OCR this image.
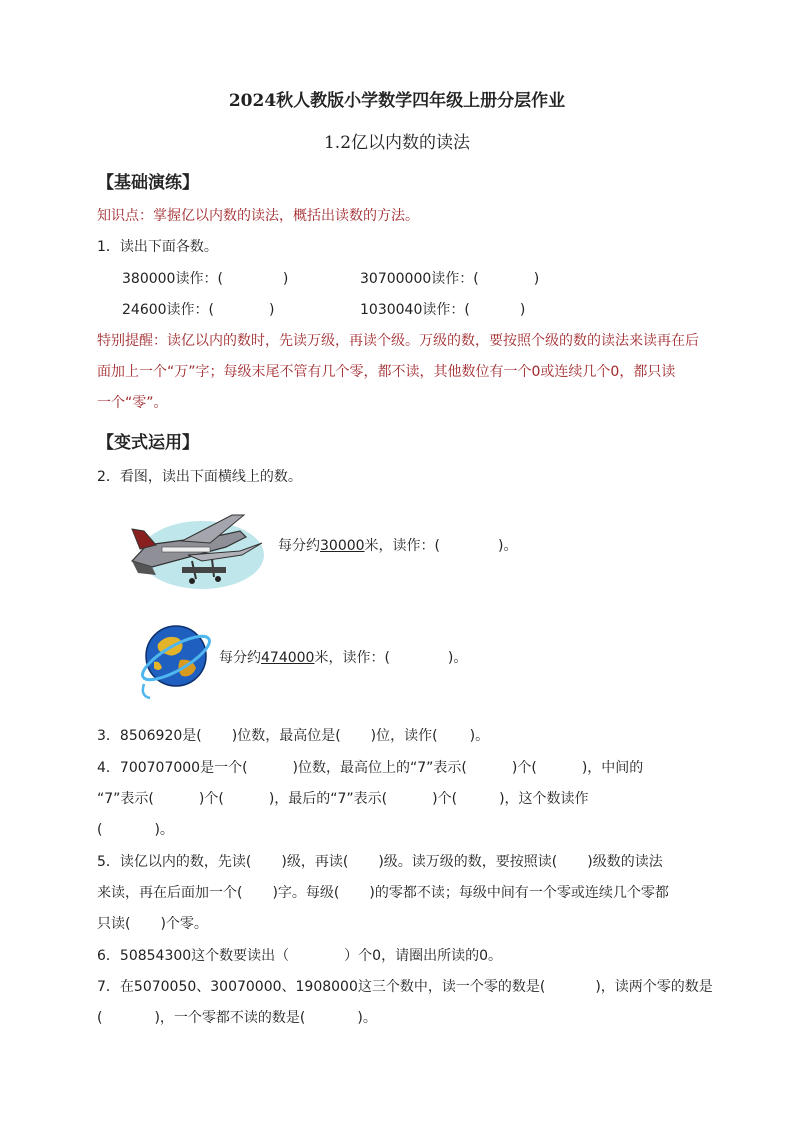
2024秋人教版小学数学四年级上册分层作业
1.2亿以内数的读法
【基础演练】
知识点：掌握亿以内数的读法，概括出读数的方法。
1．读出下面各数。
380000读作：(	)	30700000读作：(	)
24600读作：(	)	1030040读作：(	)
特别提醒：读亿以内的数时，先读万级，再读个级。万级的数，要按照个级的数的读法来读再在后
面加上一个“万”字；每级末尾不管有几个零，都不读，其他数位有一个0或连续几个0，都只读
一个“零”。
【变式运用】
2．看图，读出下面横线上的数。
每分约30000米，读作：(	)。
每分约474000米，读作：(	)。
3．8506920是( )位数，最高位是( )位，读作( )。
4．700707000是一个(	)位数，最高位上的“7”表示(	)个(	)，中间的
“7”表示(	)个(	)，最后的“7”表示(	)个(	)，这个数读作
(	)。
5．读亿以内的数，先读( )级，再读( )级。读万级的数，要按照读( )级数的读法
来读，再在后面加一个( )字。每级( )的零都不读；每级中间有一个零或连续几个零都
只读( )个零。
6．50854300这个数要读出（	）个0，请圈出所读的0。
7．在5070050、30070000、1908000这三个数中，读一个零的数是(	)，读两个零的数是
(	)，一个零都不读的数是(	)。
